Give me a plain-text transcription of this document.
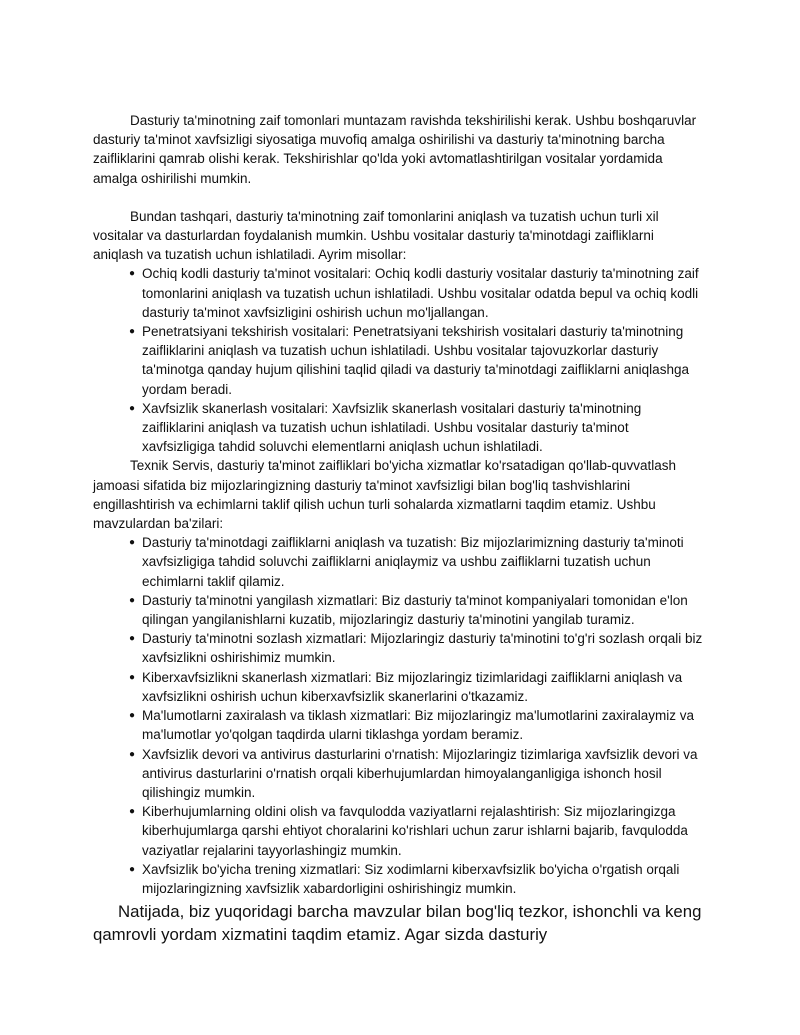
Dasturiy ta'minotning zaif tomonlari muntazam ravishda tekshirilishi kerak. Ushbu boshqaruvlar dasturiy ta'minot xavfsizligi siyosatiga muvofiq amalga oshirilishi va dasturiy ta'minotning barcha zaifliklarini qamrab olishi kerak. Tekshirishlar qo'lda yoki avtomatlashtirilgan vositalar yordamida amalga oshirilishi mumkin.

Bundan tashqari, dasturiy ta'minotning zaif tomonlarini aniqlash va tuzatish uchun turli xil vositalar va dasturlardan foydalanish mumkin. Ushbu vositalar dasturiy ta'minotdagi zaifliklarni aniqlash va tuzatish uchun ishlatiladi. Ayrim misollar:

● Ochiq kodli dasturiy ta'minot vositalari: Ochiq kodli dasturiy vositalar dasturiy ta'minotning zaif tomonlarini aniqlash va tuzatish uchun ishlatiladi. Ushbu vositalar odatda bepul va ochiq kodli dasturiy ta'minot xavfsizligini oshirish uchun mo'ljallangan.
● Penetratsiyani tekshirish vositalari: Penetratsiyani tekshirish vositalari dasturiy ta'minotning zaifliklarini aniqlash va tuzatish uchun ishlatiladi. Ushbu vositalar tajovuzkorlar dasturiy ta'minotga qanday hujum qilishini taqlid qiladi va dasturiy ta'minotdagi zaifliklarni aniqlashga yordam beradi.
● Xavfsizlik skanerlash vositalari: Xavfsizlik skanerlash vositalari dasturiy ta'minotning zaifliklarini aniqlash va tuzatish uchun ishlatiladi. Ushbu vositalar dasturiy ta'minot xavfsizligiga tahdid soluvchi elementlarni aniqlash uchun ishlatiladi.

Texnik Servis, dasturiy ta'minot zaifliklari bo'yicha xizmatlar ko'rsatadigan qo'llab-quvvatlash jamoasi sifatida biz mijozlaringizning dasturiy ta'minot xavfsizligi bilan bog'liq tashvishlarini engillashtirish va echimlarni taklif qilish uchun turli sohalarda xizmatlarni taqdim etamiz. Ushbu mavzulardan ba'zilari:

● Dasturiy ta'minotdagi zaifliklarni aniqlash va tuzatish: Biz mijozlarimizning dasturiy ta'minoti xavfsizligiga tahdid soluvchi zaifliklarni aniqlaymiz va ushbu zaifliklarni tuzatish uchun echimlarni taklif qilamiz.
● Dasturiy ta'minotni yangilash xizmatlari: Biz dasturiy ta'minot kompaniyalari tomonidan e'lon qilingan yangilanishlarni kuzatib, mijozlaringiz dasturiy ta'minotini yangilab turamiz.
● Dasturiy ta'minotni sozlash xizmatlari: Mijozlaringiz dasturiy ta'minotini to'g'ri sozlash orqali biz xavfsizlikni oshirishimiz mumkin.
● Kiberxavfsizlikni skanerlash xizmatlari: Biz mijozlaringiz tizimlaridagi zaifliklarni aniqlash va xavfsizlikni oshirish uchun kiberxavfsizlik skanerlarini o'tkazamiz.
● Ma'lumotlarni zaxiralash va tiklash xizmatlari: Biz mijozlaringiz ma'lumotlarini zaxiralaymiz va ma'lumotlar yo'qolgan taqdirda ularni tiklashga yordam beramiz.
● Xavfsizlik devori va antivirus dasturlarini o'rnatish: Mijozlaringiz tizimlariga xavfsizlik devori va antivirus dasturlarini o'rnatish orqali kiberhujumlardan himoyalanganligiga ishonch hosil qilishingiz mumkin.
● Kiberhujumlarning oldini olish va favqulodda vaziyatlarni rejalashtirish: Siz mijozlaringizga kiberhujumlarga qarshi ehtiyot choralarini ko'rishlari uchun zarur ishlarni bajarib, favqulodda vaziyatlar rejalarini tayyorlashingiz mumkin.
● Xavfsizlik bo'yicha trening xizmatlari: Siz xodimlarni kiberxavfsizlik bo'yicha o'rgatish orqali mijozlaringizning xavfsizlik xabardorligini oshirishingiz mumkin.

Natijada, biz yuqoridagi barcha mavzular bilan bog'liq tezkor, ishonchli va keng qamrovli yordam xizmatini taqdim etamiz. Agar sizda dasturiy
